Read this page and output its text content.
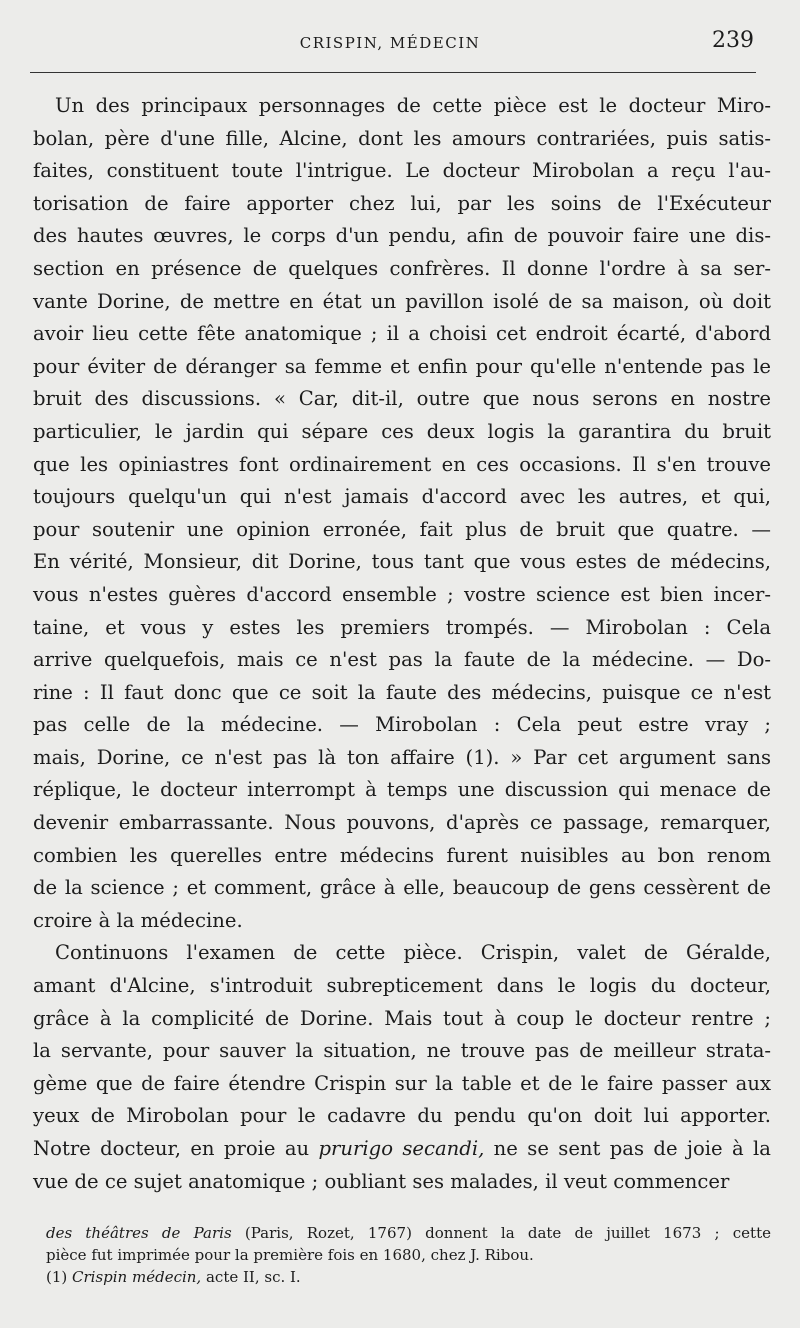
CRISPIN, MÉDECIN	239
Un des principaux personnages de cette pièce est le docteur Miro-
bolan, père d'une fille, Alcine, dont les amours contrariées, puis satis-
faites, constituent toute l'intrigue. Le docteur Mirobolan a reçu l'au-
torisation de faire apporter chez lui, par les soins de l'Exécuteur
des hautes œuvres, le corps d'un pendu, afin de pouvoir faire une dis-
section en présence de quelques confrères. Il donne l'ordre à sa ser-
vante Dorine, de mettre en état un pavillon isolé de sa maison, où doit
avoir lieu cette fête anatomique ; il a choisi cet endroit écarté, d'abord
pour éviter de déranger sa femme et enfin pour qu'elle n'entende pas le
bruit des discussions. « Car, dit-il, outre que nous serons en nostre
particulier, le jardin qui sépare ces deux logis la garantira du bruit
que les opiniastres font ordinairement en ces occasions. Il s'en trouve
toujours quelqu'un qui n'est jamais d'accord avec les autres, et qui,
pour soutenir une opinion erronée, fait plus de bruit que quatre. —
En vérité, Monsieur, dit Dorine, tous tant que vous estes de médecins,
vous n'estes guères d'accord ensemble ; vostre science est bien incer-
taine, et vous y estes les premiers trompés. — Mirobolan : Cela
arrive quelquefois, mais ce n'est pas la faute de la médecine. — Do-
rine : Il faut donc que ce soit la faute des médecins, puisque ce n'est
pas celle de la médecine. — Mirobolan : Cela peut estre vray ;
mais, Dorine, ce n'est pas là ton affaire (1). » Par cet argument sans
réplique, le docteur interrompt à temps une discussion qui menace de
devenir embarrassante. Nous pouvons, d'après ce passage, remarquer,
combien les querelles entre médecins furent nuisibles au bon renom
de la science ; et comment, grâce à elle, beaucoup de gens cessèrent de
croire à la médecine.
Continuons l'examen de cette pièce. Crispin, valet de Géralde,
amant d'Alcine, s'introduit subrepticement dans le logis du docteur,
grâce à la complicité de Dorine. Mais tout à coup le docteur rentre ;
la servante, pour sauver la situation, ne trouve pas de meilleur strata-
gème que de faire étendre Crispin sur la table et de le faire passer aux
yeux de Mirobolan pour le cadavre du pendu qu'on doit lui apporter.
Notre docteur, en proie au prurigo secandi, ne se sent pas de joie à la
vue de ce sujet anatomique ; oubliant ses malades, il veut commencer
des théâtres de Paris (Paris, Rozet, 1767) donnent la date de juillet 1673 ; cette
pièce fut imprimée pour la première fois en 1680, chez J. Ribou.
(1) Crispin médecin, acte II, sc. I.
